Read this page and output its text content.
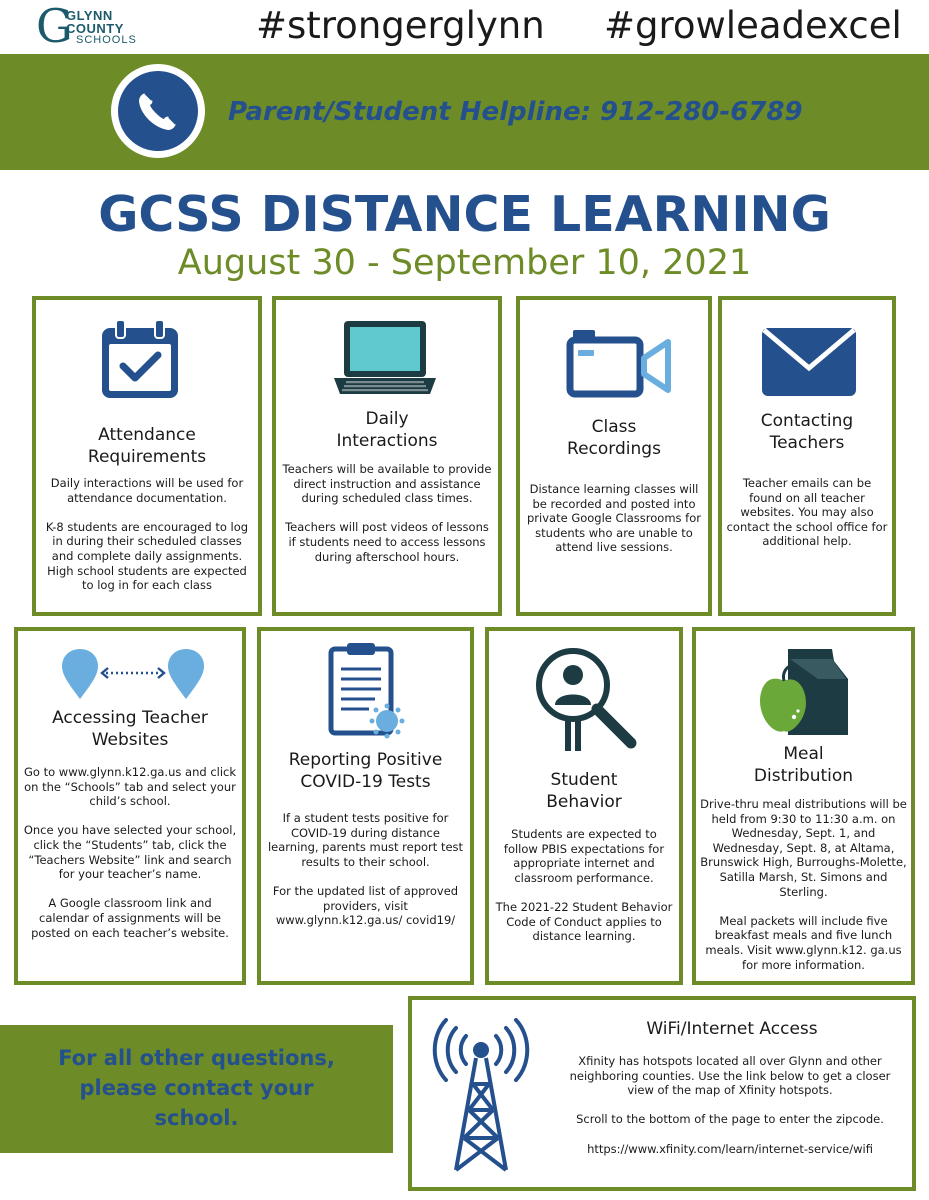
G
GLYNN
COUNTY
SCHOOLS	#strongerglynn #growleadexcel
Parent/Student Helpline: 912-280-6789
GCSS DISTANCE LEARNING
August 30 - September 10, 2021
Attendance
Requirements
Daily interactions will be used for attendance documentation.

K-8 students are encouraged to log in during their scheduled classes and complete daily assignments. High school students are expected to log in for each class
Daily
Interactions
Teachers will be available to provide direct instruction and assistance during scheduled class times.

Teachers will post videos of lessons if students need to access lessons during afterschool hours.
Class
Recordings
Distance learning classes will be recorded and posted into private Google Classrooms for students who are unable to attend live sessions.
Contacting
Teachers
Teacher emails can be found on all teacher websites. You may also contact the school office for additional help.
Accessing Teacher
Websites
Go to www.glynn.k12.ga.us and click on the “Schools” tab and select your child’s school.

Once you have selected your school, click the “Students” tab, click the “Teachers Website” link and search for your teacher’s name.

A Google classroom link and calendar of assignments will be posted on each teacher’s website.
Reporting Positive
COVID-19 Tests
If a student tests positive for COVID-19 during distance learning, parents must report test results to their school.

For the updated list of approved providers, visit www.glynn.k12.ga.us/ covid19/
Student
Behavior
Students are expected to follow PBIS expectations for appropriate internet and classroom performance.

The 2021-22 Student Behavior Code of Conduct applies to distance learning.
Meal
Distribution
Drive-thru meal distributions will be held from 9:30 to 11:30 a.m. on Wednesday, Sept. 1, and Wednesday, Sept. 8, at Altama, Brunswick High, Burroughs-Molette, Satilla Marsh, St. Simons and Sterling.

Meal packets will include five breakfast meals and five lunch meals. Visit www.glynn.k12. ga.us for more information.
For all other questions,
please contact your
school.
WiFi/Internet Access
Xfinity has hotspots located all over Glynn and other neighboring counties. Use the link below to get a closer view of the map of Xfinity hotspots.

Scroll to the bottom of the page to enter the zipcode.

https://www.xfinity.com/learn/internet-service/wifi
